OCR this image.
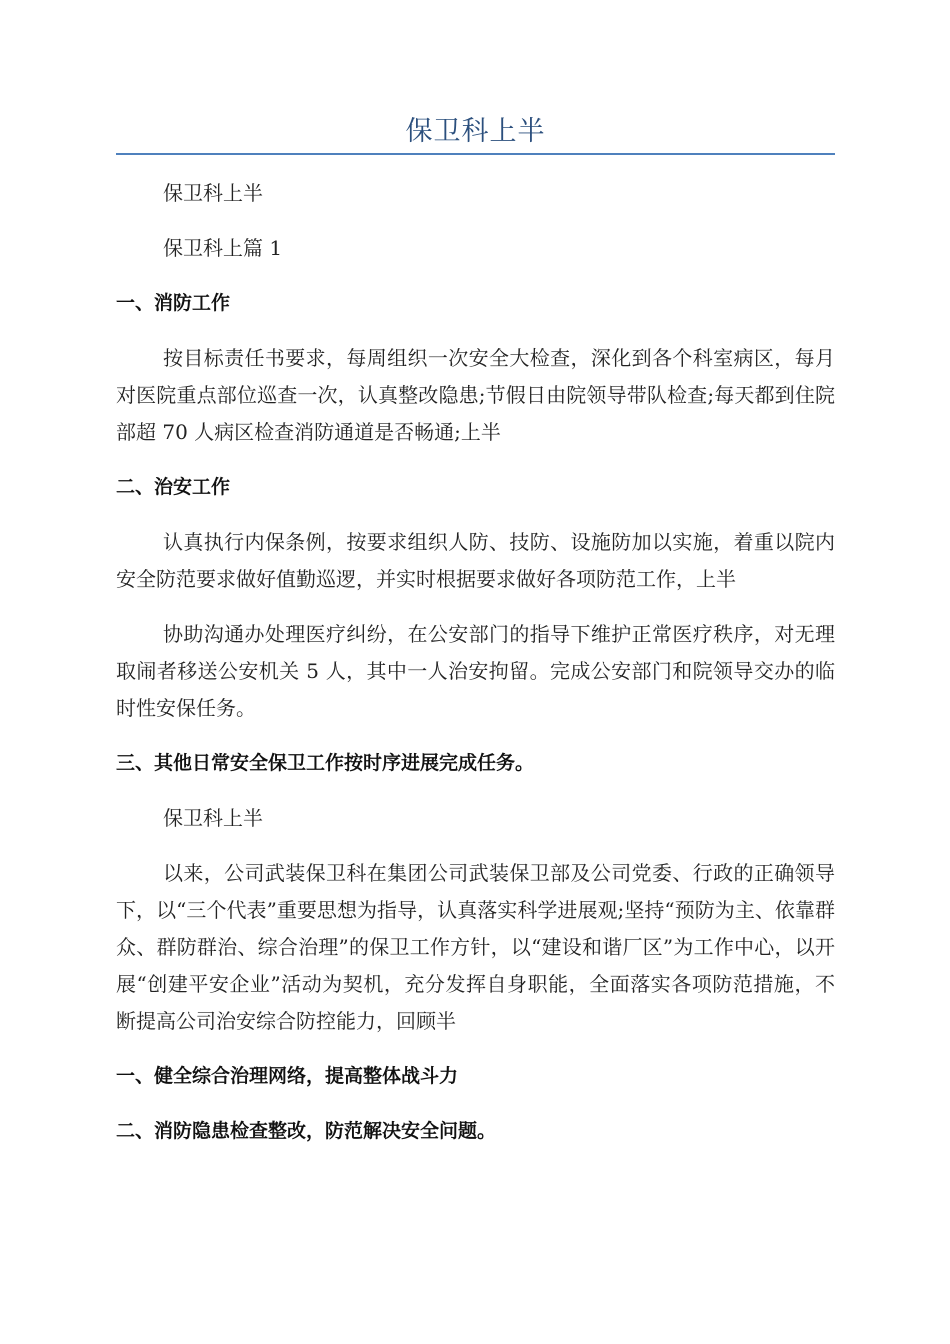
保卫科上半

保卫科上半

保卫科上篇 1

一、消防工作

按目标责任书要求，每周组织一次安全大检查，深化到各个科室病区，每月对医院重点部位巡查一次，认真整改隐患;节假日由院领导带队检查;每天都到住院部超 70 人病区检查消防通道是否畅通;上半

二、治安工作

认真执行内保条例，按要求组织人防、技防、设施防加以实施，着重以院内安全防范要求做好值勤巡逻，并实时根据要求做好各项防范工作，上半

协助沟通办处理医疗纠纷，在公安部门的指导下维护正常医疗秩序，对无理取闹者移送公安机关 5 人，其中一人治安拘留。完成公安部门和院领导交办的临时性安保任务。

三、其他日常安全保卫工作按时序进展完成任务。

保卫科上半

以来，公司武装保卫科在集团公司武装保卫部及公司党委、行政的正确领导下，以“三个代表”重要思想为指导，认真落实科学进展观;坚持“预防为主、依靠群众、群防群治、综合治理”的保卫工作方针，以“建设和谐厂区”为工作中心，以开展“创建平安企业”活动为契机，充分发挥自身职能，全面落实各项防范措施，不断提高公司治安综合防控能力，回顾半

一、健全综合治理网络，提高整体战斗力
二、消防隐患检查整改，防范解决安全问题。
